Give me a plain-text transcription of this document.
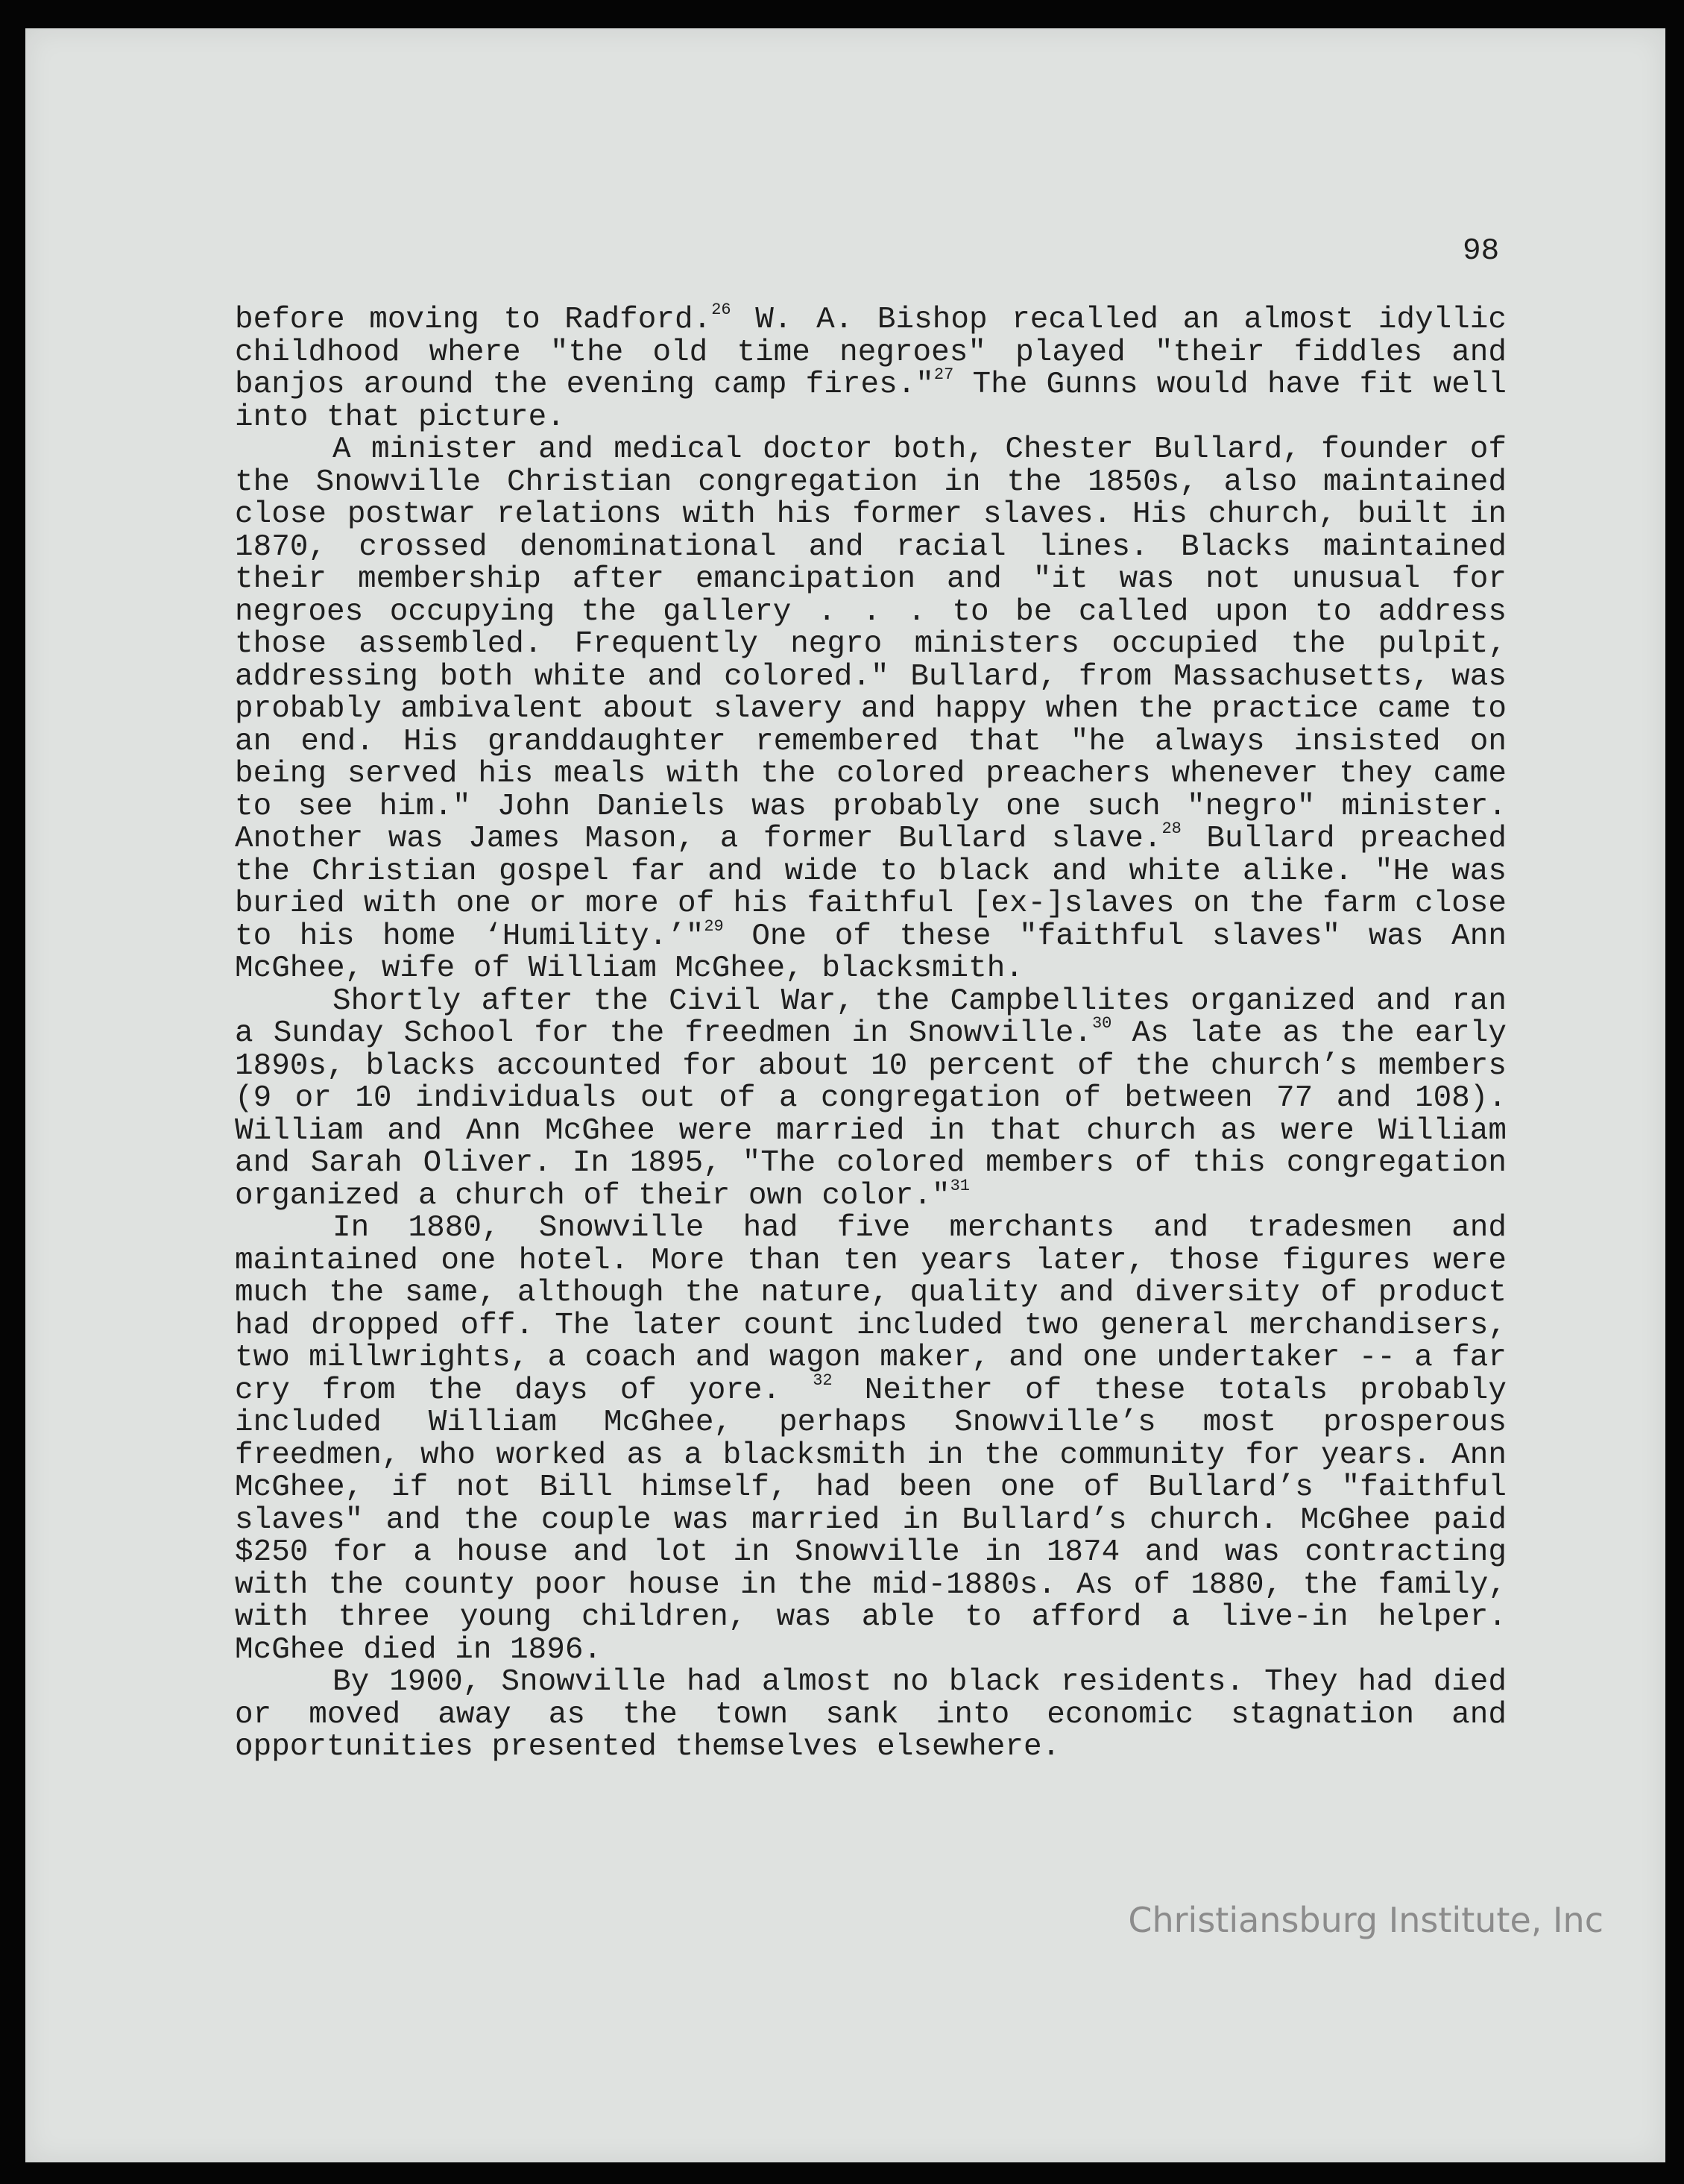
98

before moving to Radford.$^{26}$ W. A. Bishop recalled an almost idyllic childhood where "the old time negroes" played "their fiddles and banjos around the evening camp fires."$^{27}$ The Gunns would have fit well into that picture.

A minister and medical doctor both, Chester Bullard, founder of the Snowville Christian congregation in the 1850s, also maintained close postwar relations with his former slaves. His church, built in 1870, crossed denominational and racial lines. Blacks maintained their membership after emancipation and "it was not unusual for negroes occupying the gallery . . . to be called upon to address those assembled. Frequently negro ministers occupied the pulpit, addressing both white and colored." Bullard, from Massachusetts, was probably ambivalent about slavery and happy when the practice came to an end. His granddaughter remembered that "he always insisted on being served his meals with the colored preachers whenever they came to see him." John Daniels was probably one such "negro" minister. Another was James Mason, a former Bullard slave.$^{28}$ Bullard preached the Christian gospel far and wide to black and white alike. "He was buried with one or more of his faithful [ex-]slaves on the farm close to his home ‘Humility.’"$^{29}$ One of these "faithful slaves" was Ann McGhee, wife of William McGhee, blacksmith.

Shortly after the Civil War, the Campbellites organized and ran a Sunday School for the freedmen in Snowville.$^{30}$ As late as the early 1890s, blacks accounted for about 10 percent of the church’s members (9 or 10 individuals out of a congregation of between 77 and 108). William and Ann McGhee were married in that church as were William and Sarah Oliver. In 1895, "The colored members of this congregation organized a church of their own color."$^{31}$

In 1880, Snowville had five merchants and tradesmen and maintained one hotel. More than ten years later, those figures were much the same, although the nature, quality and diversity of product had dropped off. The later count included two general merchandisers, two millwrights, a coach and wagon maker, and one undertaker -- a far cry from the days of yore. $^{32}$ Neither of these totals probably included William McGhee, perhaps Snowville’s most prosperous freedmen, who worked as a blacksmith in the community for years. Ann McGhee, if not Bill himself, had been one of Bullard’s "faithful slaves" and the couple was married in Bullard’s church. McGhee paid $250 for a house and lot in Snowville in 1874 and was contracting with the county poor house in the mid-1880s. As of 1880, the family, with three young children, was able to afford a live-in helper. McGhee died in 1896.

By 1900, Snowville had almost no black residents. They had died or moved away as the town sank into economic stagnation and opportunities presented themselves elsewhere.

Christiansburg Institute, Inc
